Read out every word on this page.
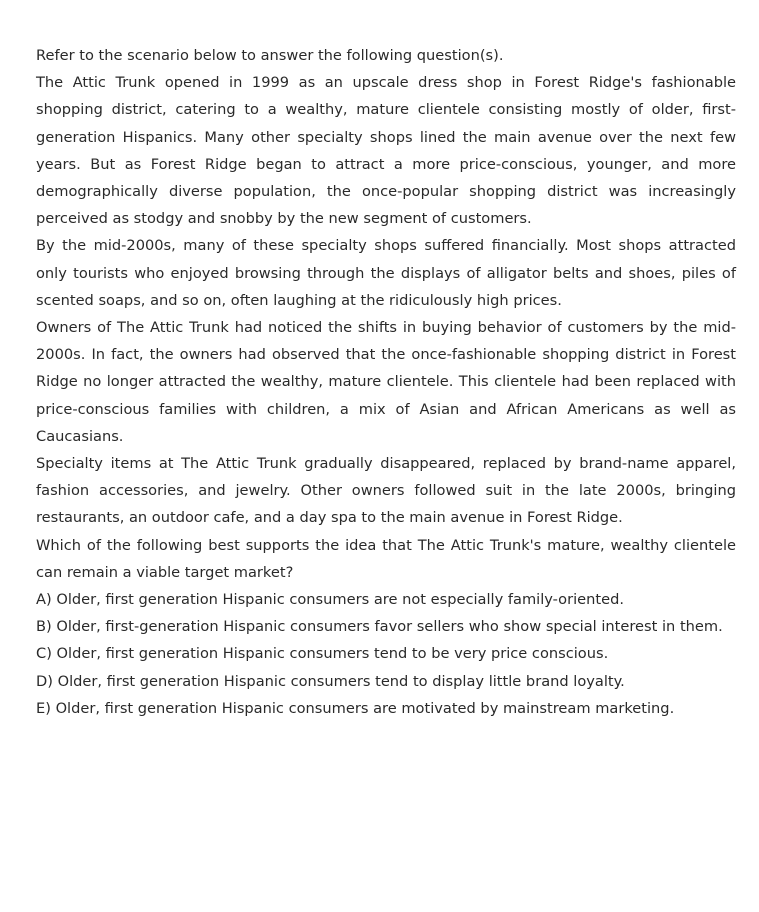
Refer to the scenario below to answer the following question(s).

The Attic Trunk opened in 1999 as an upscale dress shop in Forest Ridge's fashionable shopping district, catering to a wealthy, mature clientele consisting mostly of older, first-generation Hispanics. Many other specialty shops lined the main avenue over the next few years. But as Forest Ridge began to attract a more price-conscious, younger, and more demographically diverse population, the once-popular shopping district was increasingly perceived as stodgy and snobby by the new segment of customers.

By the mid-2000s, many of these specialty shops suffered financially. Most shops attracted only tourists who enjoyed browsing through the displays of alligator belts and shoes, piles of scented soaps, and so on, often laughing at the ridiculously high prices.

Owners of The Attic Trunk had noticed the shifts in buying behavior of customers by the mid-2000s. In fact, the owners had observed that the once-fashionable shopping district in Forest Ridge no longer attracted the wealthy, mature clientele. This clientele had been replaced with price-conscious families with children, a mix of Asian and African Americans as well as Caucasians.

Specialty items at The Attic Trunk gradually disappeared, replaced by brand-name apparel, fashion accessories, and jewelry. Other owners followed suit in the late 2000s, bringing restaurants, an outdoor cafe, and a day spa to the main avenue in Forest Ridge.

Which of the following best supports the idea that The Attic Trunk's mature, wealthy clientele can remain a viable target market?

A) Older, first generation Hispanic consumers are not especially family-oriented.
B) Older, first-generation Hispanic consumers favor sellers who show special interest in them.
C) Older, first generation Hispanic consumers tend to be very price conscious.
D) Older, first generation Hispanic consumers tend to display little brand loyalty.
E) Older, first generation Hispanic consumers are motivated by mainstream marketing.
